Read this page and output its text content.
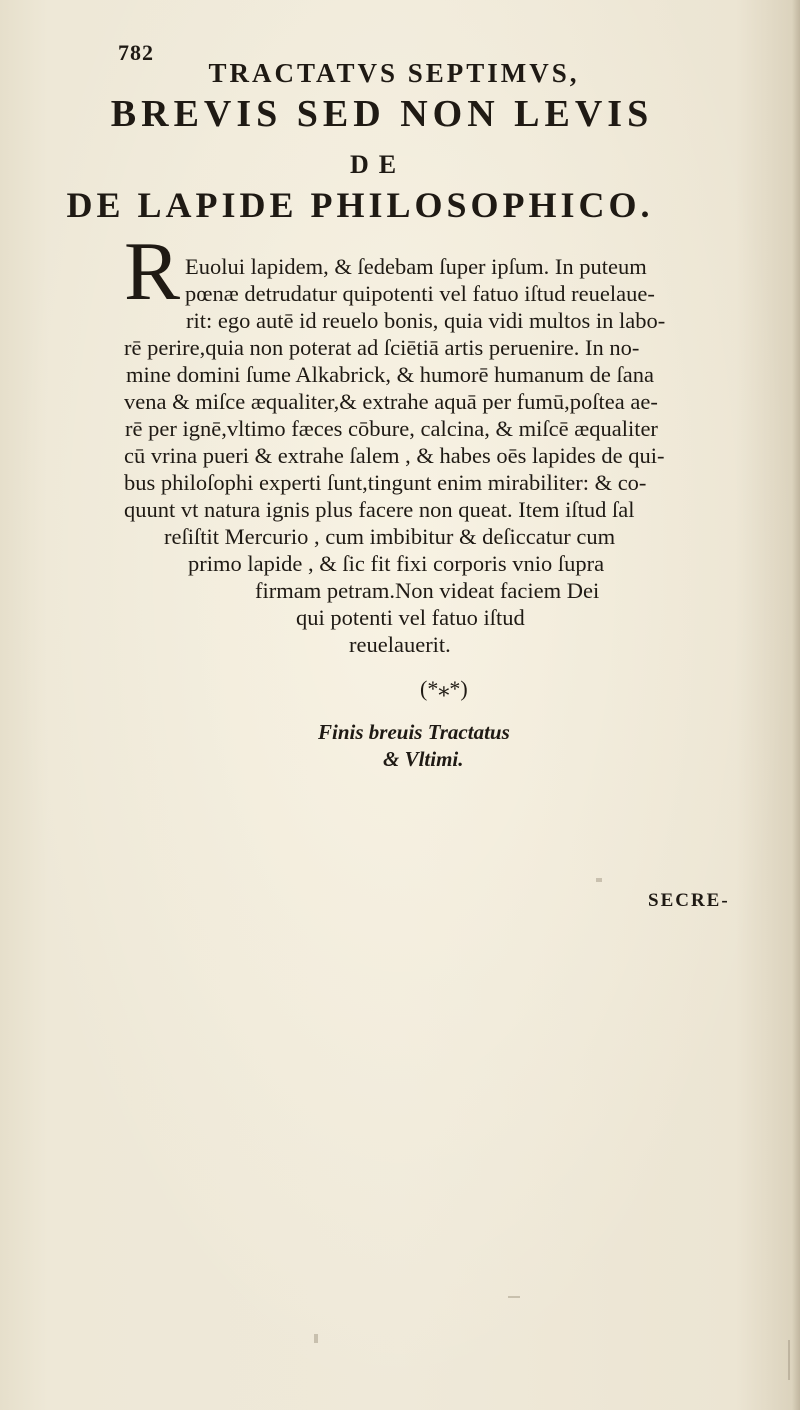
782
TRACTATVS SEPTIMVS,
BREVIS SED NON LEVIS
DE
DE LAPIDE PHILOSOPHICO.
R Euolui lapidem, & ſedebam ſuper ipſum. In puteum
pœnæ detrudatur quipotenti vel fatuo iſtud reuelaue-
rit: ego autē id reuelo bonis, quia vidi multos in labo-
rē perire,quia non poterat ad ſciētiā artis peruenire. In no-
mine domini ſume Alkabrick, & humorē humanum de ſana
vena & miſce æqualiter,& extrahe aquā per fumū,poſtea ae-
rē per ignē,vltimo fæces cōbure, calcina, & miſcē æqualiter
cū vrina pueri & extrahe ſalem , & habes oēs lapides de qui-
bus philoſophi experti ſunt,tingunt enim mirabiliter: & co-
quunt vt natura ignis plus facere non queat. Item iſtud ſal
reſiſtit Mercurio , cum imbibitur & deſiccatur cum
primo lapide , & ſic fit fixi corporis vnio ſupra
firmam petram.Non videat faciem Dei
qui potenti vel fatuo iſtud
reuelauerit.
(*⁎*)
Finis breuis Tractatus
& Vltimi.
SECRE-
